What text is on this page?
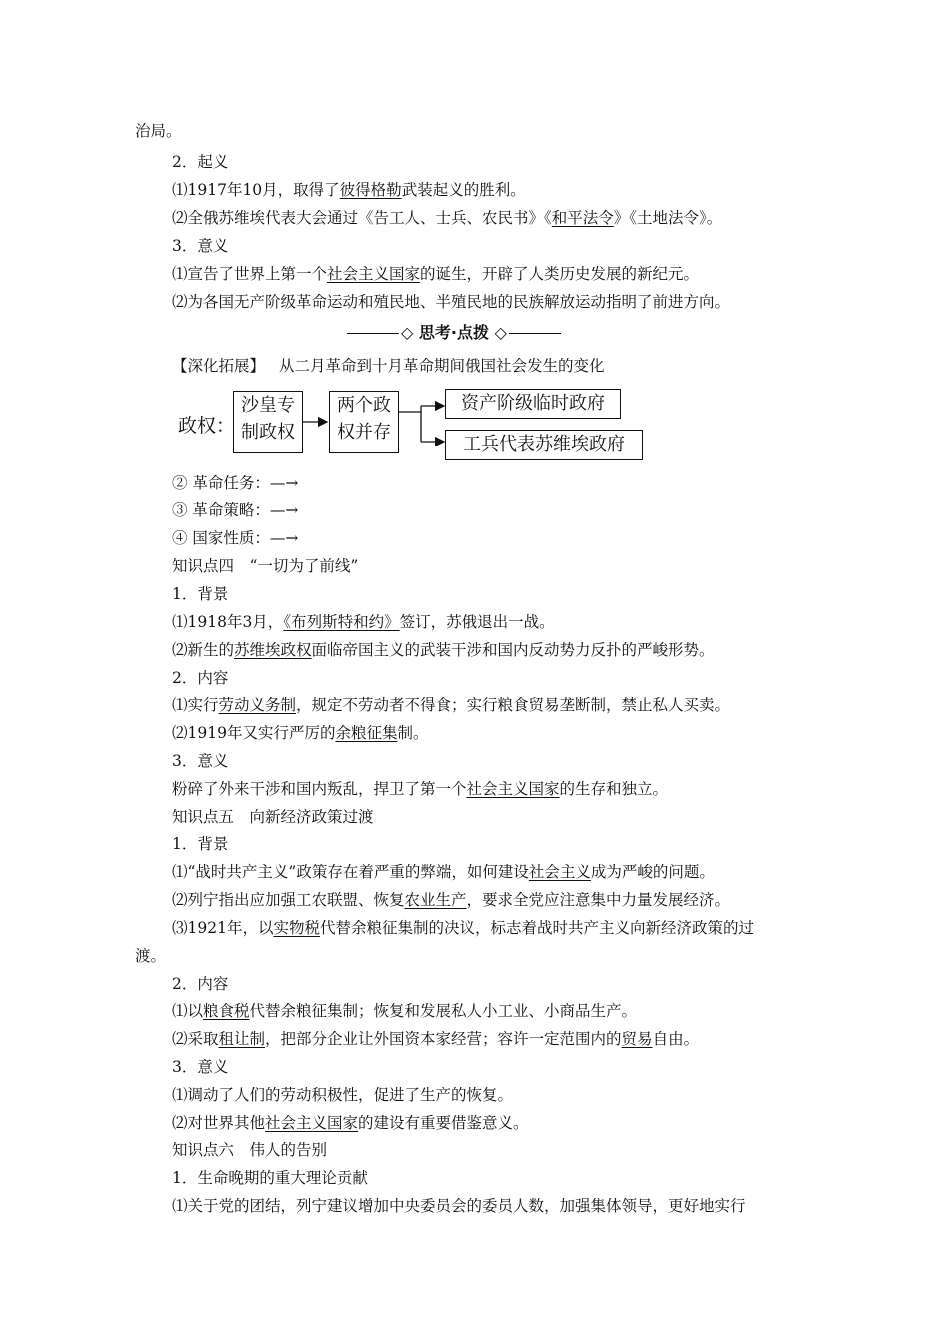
治局。
2．起义
⑴1917年10月，取得了彼得格勒武装起义的胜利。
⑵全俄苏维埃代表大会通过《告工人、士兵、农民书》《和平法令》《土地法令》。
3．意义
⑴宣告了世界上第一个社会主义国家的诞生，开辟了人类历史发展的新纪元。
⑵为各国无产阶级革命运动和殖民地、半殖民地的民族解放运动指明了前进方向。
◇ 思考·点拨 ◇
【深化拓展】 从二月革命到十月革命期间俄国社会发生的变化
政权：
沙皇专
制政权
两个政
权并存
资产阶级临时政府
工兵代表苏维埃政府
② 革命任务：—→
③ 革命策略：—→
④ 国家性质：—→
知识点四　“一切为了前线”
1．背景
⑴1918年3月，《布列斯特和约》签订，苏俄退出一战。
⑵新生的苏维埃政权面临帝国主义的武装干涉和国内反动势力反扑的严峻形势。
2．内容
⑴实行劳动义务制，规定不劳动者不得食；实行粮食贸易垄断制，禁止私人买卖。
⑵1919年又实行严厉的余粮征集制。
3．意义
粉碎了外来干涉和国内叛乱，捍卫了第一个社会主义国家的生存和独立。
知识点五　向新经济政策过渡
1．背景
⑴“战时共产主义”政策存在着严重的弊端，如何建设社会主义成为严峻的问题。
⑵列宁指出应加强工农联盟、恢复农业生产，要求全党应注意集中力量发展经济。
⑶1921年，以实物税代替余粮征集制的决议，标志着战时共产主义向新经济政策的过
渡。
2．内容
⑴以粮食税代替余粮征集制；恢复和发展私人小工业、小商品生产。
⑵采取租让制，把部分企业让外国资本家经营；容许一定范围内的贸易自由。
3．意义
⑴调动了人们的劳动积极性，促进了生产的恢复。
⑵对世界其他社会主义国家的建设有重要借鉴意义。
知识点六　伟人的告别
1．生命晚期的重大理论贡献
⑴关于党的团结，列宁建议增加中央委员会的委员人数，加强集体领导，更好地实行
